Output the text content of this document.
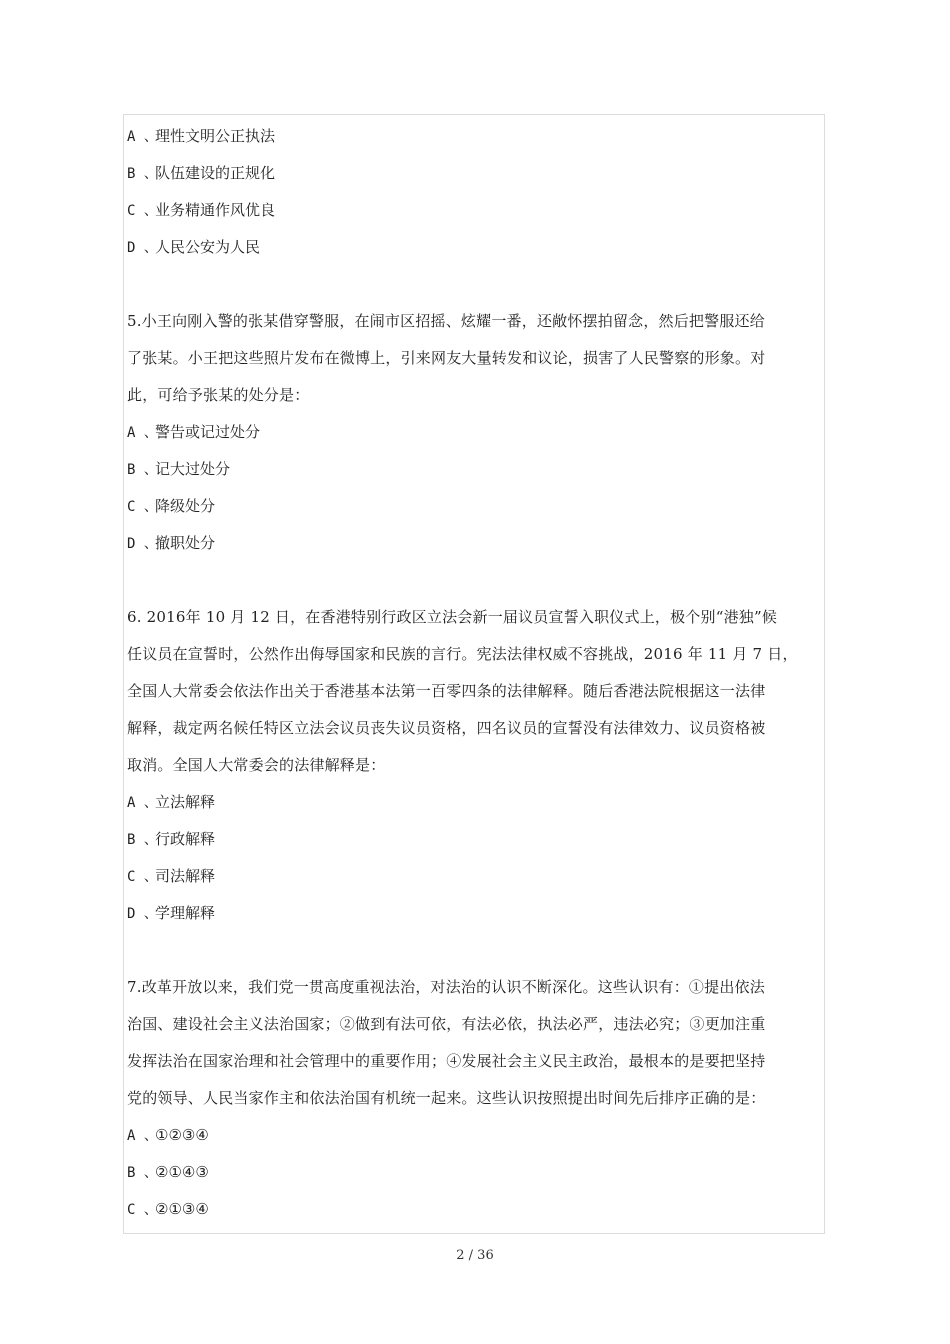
A 、理性文明公正执法
B 、队伍建设的正规化
C 、业务精通作风优良
D 、人民公安为人民
5.小王向刚入警的张某借穿警服，在闹市区招摇、炫耀一番，还敞怀摆拍留念，然后把警服还给
了张某。小王把这些照片发布在微博上，引来网友大量转发和议论，损害了人民警察的形象。对
此，可给予张某的处分是：
A 、警告或记过处分
B 、记大过处分
C 、降级处分
D 、撤职处分
6. 2016年 10 月 12 日，在香港特别行政区立法会新一届议员宣誓入职仪式上，极个别“港独”候
任议员在宣誓时，公然作出侮辱国家和民族的言行。宪法法律权威不容挑战，2016 年 11 月 7 日，
全国人大常委会依法作出关于香港基本法第一百零四条的法律解释。随后香港法院根据这一法律
解释，裁定两名候任特区立法会议员丧失议员资格，四名议员的宣誓没有法律效力、议员资格被
取消。全国人大常委会的法律解释是：
A 、立法解释
B 、行政解释
C 、司法解释
D 、学理解释
7.改革开放以来，我们党一贯高度重视法治，对法治的认识不断深化。这些认识有：①提出依法
治国、建设社会主义法治国家；②做到有法可依，有法必依，执法必严，违法必究；③更加注重
发挥法治在国家治理和社会管理中的重要作用；④发展社会主义民主政治，最根本的是要把坚持
党的领导、人民当家作主和依法治国有机统一起来。这些认识按照提出时间先后排序正确的是：
A 、①②③④
B 、②①④③
C 、②①③④
2 / 36
